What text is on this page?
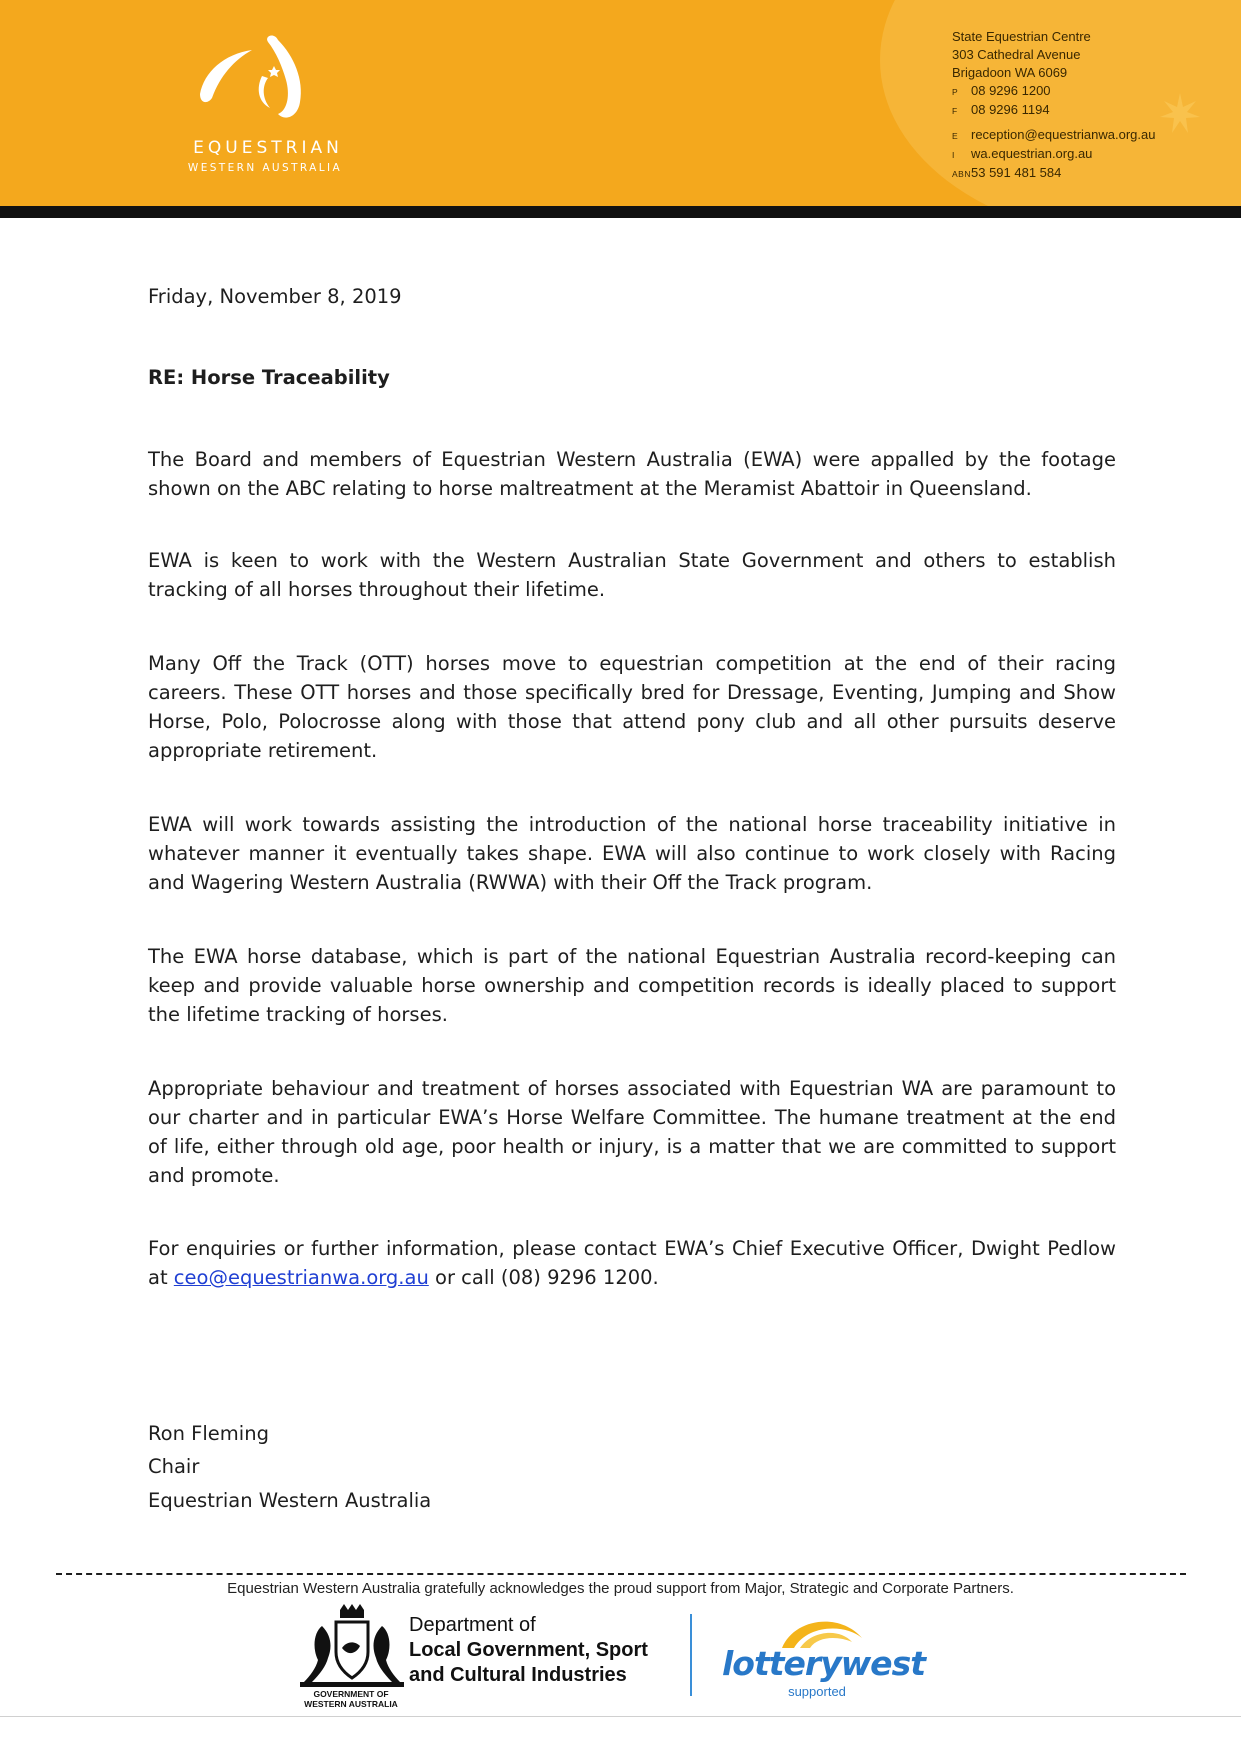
EQUESTRIAN
WESTERN AUSTRALIA
State Equestrian Centre
303 Cathedral Avenue
Brigadoon WA 6069
P 08 9296 1200
F 08 9296 1194
E reception@equestrianwa.org.au
I wa.equestrian.org.au
ABN53 591 481 584
Friday, November 8, 2019
RE: Horse Traceability

The Board and members of Equestrian Western Australia (EWA) were appalled by the footage shown on the ABC relating to horse maltreatment at the Meramist Abattoir in Queensland.

EWA is keen to work with the Western Australian State Government and others to establish tracking of all horses throughout their lifetime.

Many Off the Track (OTT) horses move to equestrian competition at the end of their racing careers. These OTT horses and those specifically bred for Dressage, Eventing, Jumping and Show Horse, Polo, Polocrosse along with those that attend pony club and all other pursuits deserve appropriate retirement.

EWA will work towards assisting the introduction of the national horse traceability initiative in whatever manner it eventually takes shape. EWA will also continue to work closely with Racing and Wagering Western Australia (RWWA) with their Off the Track program.

The EWA horse database, which is part of the national Equestrian Australia record-keeping can keep and provide valuable horse ownership and competition records is ideally placed to support the lifetime tracking of horses.

Appropriate behaviour and treatment of horses associated with Equestrian WA are paramount to our charter and in particular EWA’s Horse Welfare Committee. The humane treatment at the end of life, either through old age, poor health or injury, is a matter that we are committed to support and promote.

For enquiries or further information, please contact EWA’s Chief Executive Officer, Dwight Pedlow at ceo@equestrianwa.org.au or call (08) 9296 1200.

Ron Fleming
Chair
Equestrian Western Australia
Equestrian Western Australia gratefully acknowledges the proud support from Major, Strategic and Corporate Partners.
GOVERNMENT OF
WESTERN AUSTRALIA
Department of
Local Government, Sport
and Cultural Industries	lotterywest
supported
